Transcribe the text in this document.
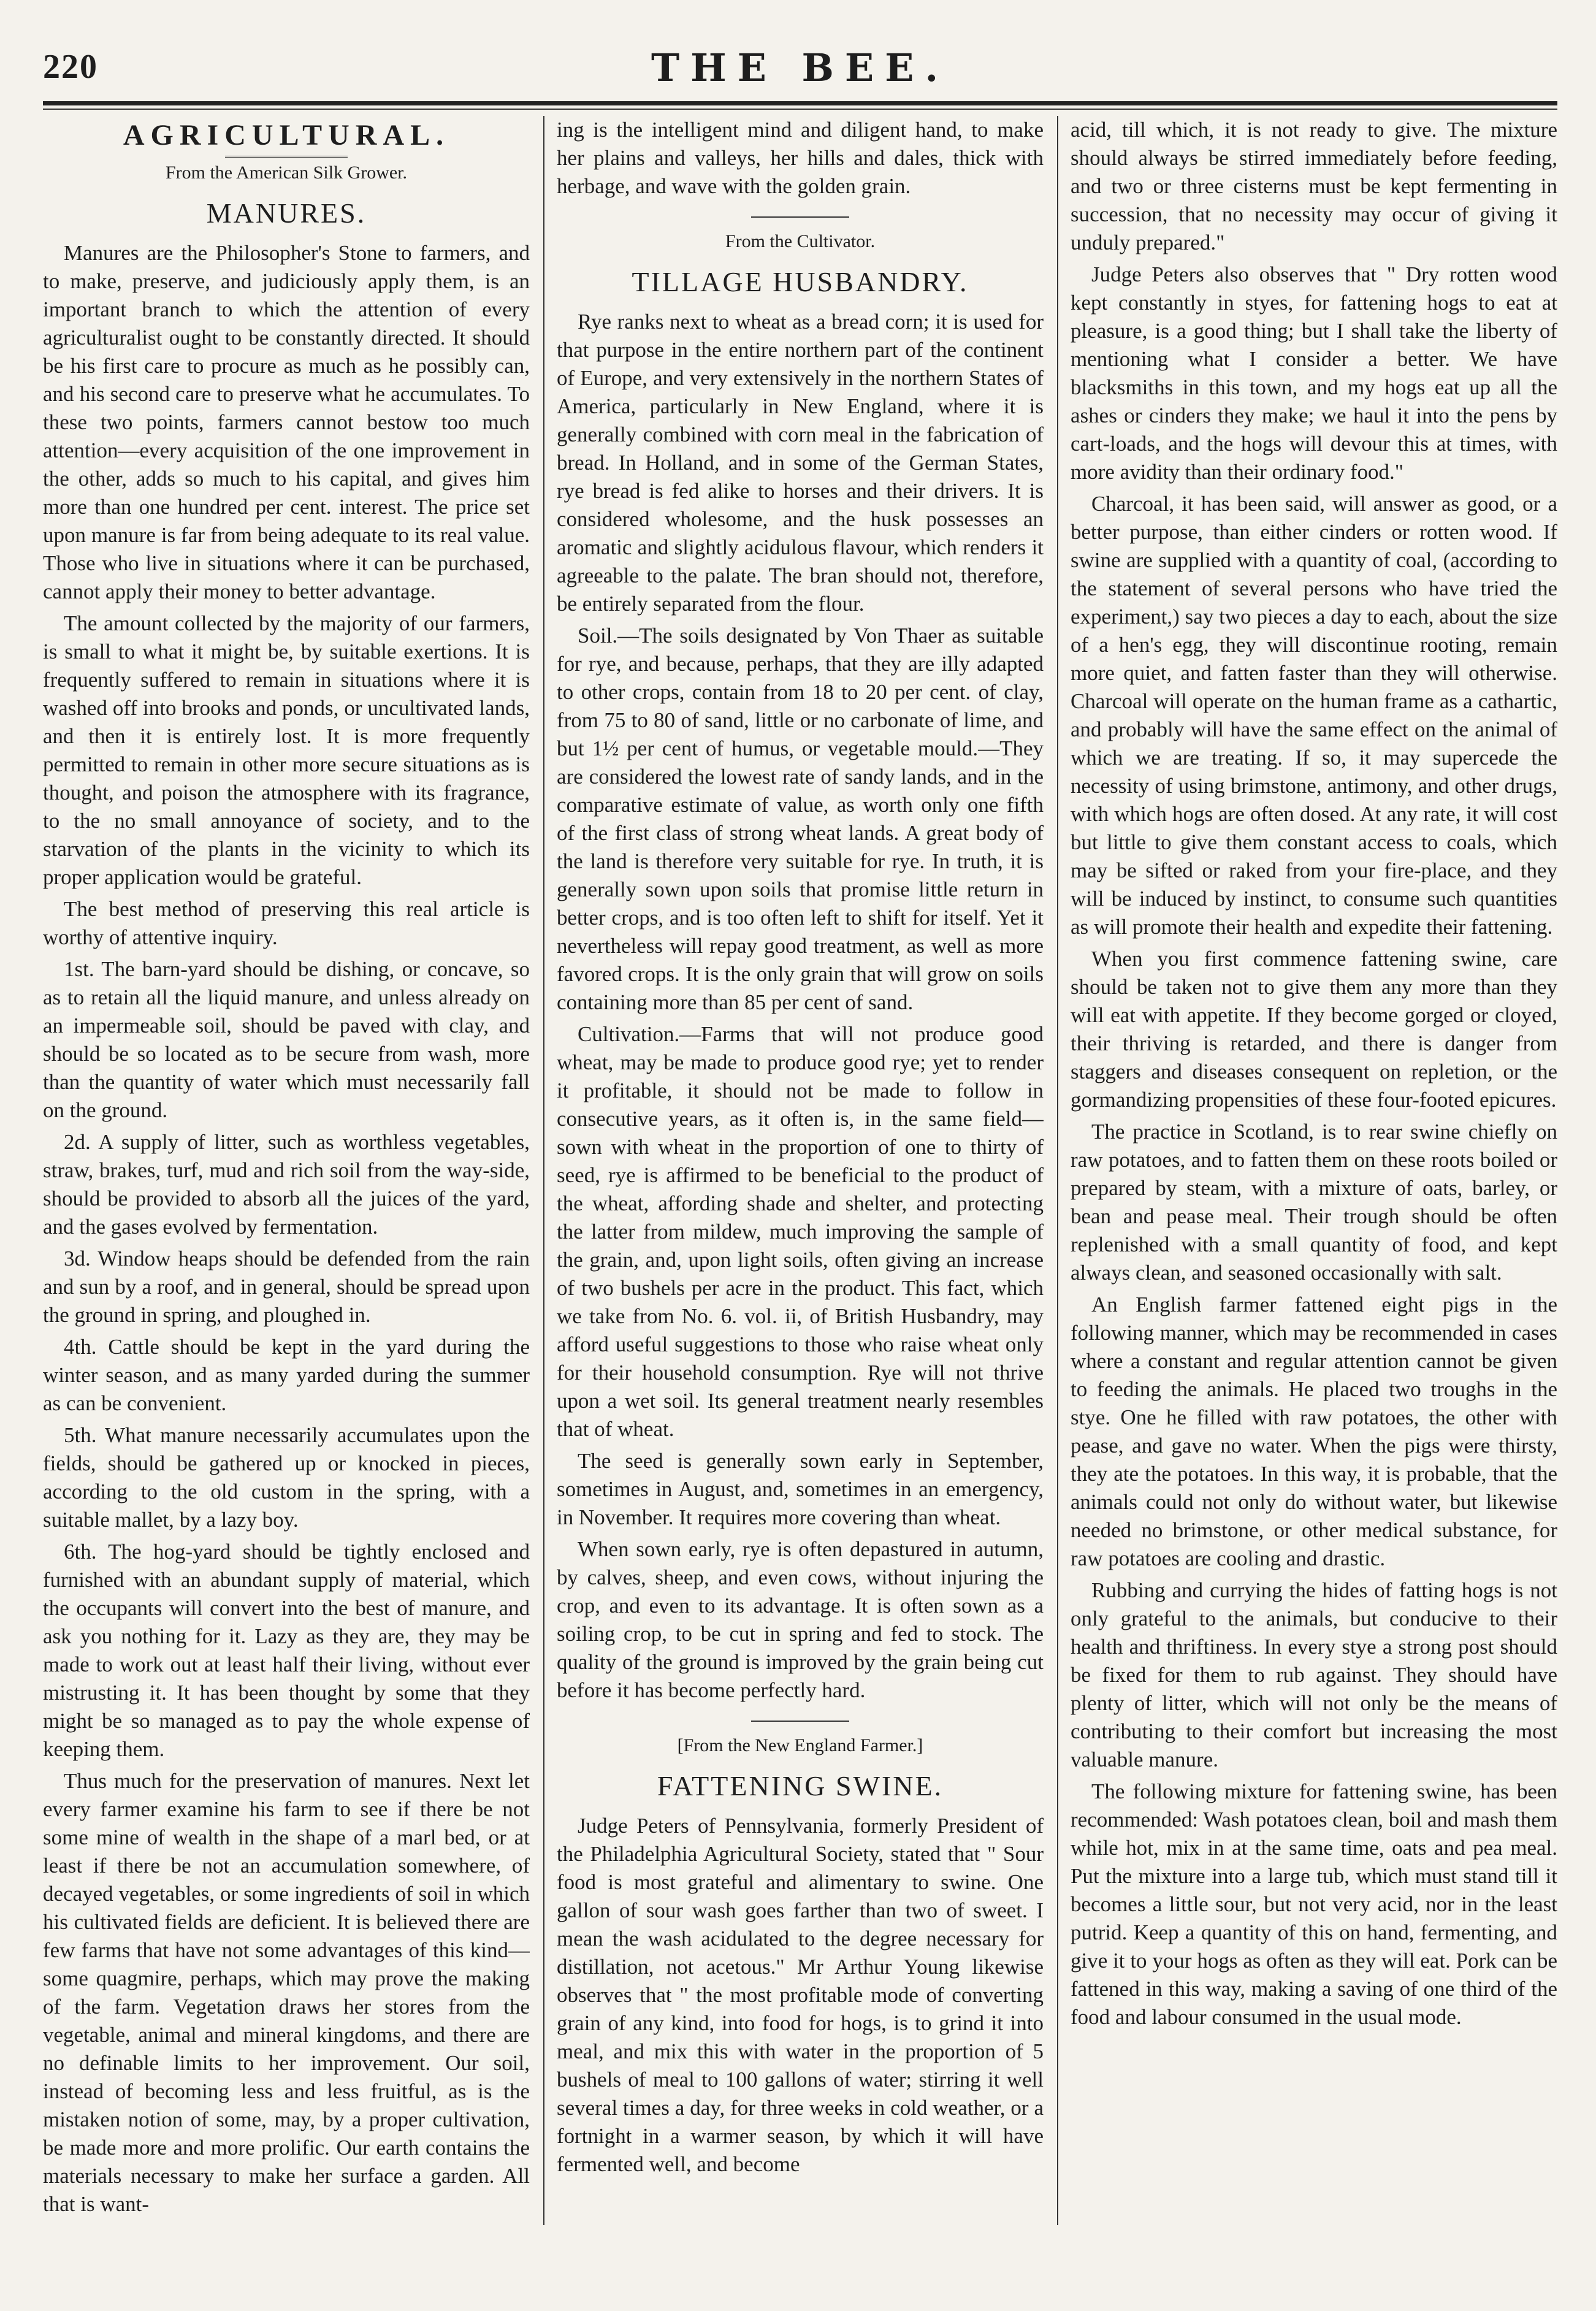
220	THE BEE.
AGRICULTURAL.
From the American Silk Grower.
MANURES.

Manures are the Philosopher's Stone to farmers, and to make, preserve, and judiciously apply them, is an important branch to which the attention of every agriculturalist ought to be constantly directed. It should be his first care to procure as much as he possibly can, and his second care to preserve what he accumulates. To these two points, farmers cannot bestow too much attention—every acquisition of the one improvement in the other, adds so much to his capital, and gives him more than one hundred per cent. interest. The price set upon manure is far from being adequate to its real value. Those who live in situations where it can be purchased, cannot apply their money to better advantage.

The amount collected by the majority of our farmers, is small to what it might be, by suitable exertions. It is frequently suffered to remain in situations where it is washed off into brooks and ponds, or uncultivated lands, and then it is entirely lost. It is more frequently permitted to remain in other more secure situations as is thought, and poison the atmosphere with its fragrance, to the no small annoyance of society, and to the starvation of the plants in the vicinity to which its proper application would be grateful.

The best method of preserving this real article is worthy of attentive inquiry.

1st. The barn-yard should be dishing, or concave, so as to retain all the liquid manure, and unless already on an impermeable soil, should be paved with clay, and should be so located as to be secure from wash, more than the quantity of water which must necessarily fall on the ground.

2d. A supply of litter, such as worthless vegetables, straw, brakes, turf, mud and rich soil from the way-side, should be provided to absorb all the juices of the yard, and the gases evolved by fermentation.

3d. Window heaps should be defended from the rain and sun by a roof, and in general, should be spread upon the ground in spring, and ploughed in.

4th. Cattle should be kept in the yard during the winter season, and as many yarded during the summer as can be convenient.

5th. What manure necessarily accumulates upon the fields, should be gathered up or knocked in pieces, according to the old custom in the spring, with a suitable mallet, by a lazy boy.

6th. The hog-yard should be tightly enclosed and furnished with an abundant supply of material, which the occupants will convert into the best of manure, and ask you nothing for it. Lazy as they are, they may be made to work out at least half their living, without ever mistrusting it. It has been thought by some that they might be so managed as to pay the whole expense of keeping them.

Thus much for the preservation of manures. Next let every farmer examine his farm to see if there be not some mine of wealth in the shape of a marl bed, or at least if there be not an accumulation somewhere, of decayed vegetables, or some ingredients of soil in which his cultivated fields are deficient. It is believed there are few farms that have not some advantages of this kind—some quagmire, perhaps, which may prove the making of the farm. Vegetation draws her stores from the vegetable, animal and mineral kingdoms, and there are no definable limits to her improvement. Our soil, instead of becoming less and less fruitful, as is the mistaken notion of some, may, by a proper cultivation, be made more and more prolific. Our earth contains the materials necessary to make her surface a garden. All that is want-

ing is the intelligent mind and diligent hand, to make her plains and valleys, her hills and dales, thick with herbage, and wave with the golden grain.

From the Cultivator.
TILLAGE HUSBANDRY.

Rye ranks next to wheat as a bread corn; it is used for that purpose in the entire northern part of the continent of Europe, and very extensively in the northern States of America, particularly in New England, where it is generally combined with corn meal in the fabrication of bread. In Holland, and in some of the German States, rye bread is fed alike to horses and their drivers. It is considered wholesome, and the husk possesses an aromatic and slightly acidulous flavour, which renders it agreeable to the palate. The bran should not, therefore, be entirely separated from the flour.

Soil.—The soils designated by Von Thaer as suitable for rye, and because, perhaps, that they are illy adapted to other crops, contain from 18 to 20 per cent. of clay, from 75 to 80 of sand, little or no carbonate of lime, and but 1½ per cent of humus, or vegetable mould.—They are considered the lowest rate of sandy lands, and in the comparative estimate of value, as worth only one fifth of the first class of strong wheat lands. A great body of the land is therefore very suitable for rye. In truth, it is generally sown upon soils that promise little return in better crops, and is too often left to shift for itself. Yet it nevertheless will repay good treatment, as well as more favored crops. It is the only grain that will grow on soils containing more than 85 per cent of sand.

Cultivation.—Farms that will not produce good wheat, may be made to produce good rye; yet to render it profitable, it should not be made to follow in consecutive years, as it often is, in the same field—sown with wheat in the proportion of one to thirty of seed, rye is affirmed to be beneficial to the product of the wheat, affording shade and shelter, and protecting the latter from mildew, much improving the sample of the grain, and, upon light soils, often giving an increase of two bushels per acre in the product. This fact, which we take from No. 6. vol. ii, of British Husbandry, may afford useful suggestions to those who raise wheat only for their household consumption. Rye will not thrive upon a wet soil. Its general treatment nearly resembles that of wheat.

The seed is generally sown early in September, sometimes in August, and, sometimes in an emergency, in November. It requires more covering than wheat.

When sown early, rye is often depastured in autumn, by calves, sheep, and even cows, without injuring the crop, and even to its advantage. It is often sown as a soiling crop, to be cut in spring and fed to stock. The quality of the ground is improved by the grain being cut before it has become perfectly hard.

[From the New England Farmer.]
FATTENING SWINE.

Judge Peters of Pennsylvania, formerly President of the Philadelphia Agricultural Society, stated that " Sour food is most grateful and alimentary to swine. One gallon of sour wash goes farther than two of sweet. I mean the wash acidulated to the degree necessary for distillation, not acetous." Mr Arthur Young likewise observes that " the most profitable mode of converting grain of any kind, into food for hogs, is to grind it into meal, and mix this with water in the proportion of 5 bushels of meal to 100 gallons of water; stirring it well several times a day, for three weeks in cold weather, or a fortnight in a warmer season, by which it will have fermented well, and become

acid, till which, it is not ready to give. The mixture should always be stirred immediately before feeding, and two or three cisterns must be kept fermenting in succession, that no necessity may occur of giving it unduly prepared."

Judge Peters also observes that " Dry rotten wood kept constantly in styes, for fattening hogs to eat at pleasure, is a good thing; but I shall take the liberty of mentioning what I consider a better. We have blacksmiths in this town, and my hogs eat up all the ashes or cinders they make; we haul it into the pens by cart-loads, and the hogs will devour this at times, with more avidity than their ordinary food."

Charcoal, it has been said, will answer as good, or a better purpose, than either cinders or rotten wood. If swine are supplied with a quantity of coal, (according to the statement of several persons who have tried the experiment,) say two pieces a day to each, about the size of a hen's egg, they will discontinue rooting, remain more quiet, and fatten faster than they will otherwise. Charcoal will operate on the human frame as a cathartic, and probably will have the same effect on the animal of which we are treating. If so, it may supercede the necessity of using brimstone, antimony, and other drugs, with which hogs are often dosed. At any rate, it will cost but little to give them constant access to coals, which may be sifted or raked from your fire-place, and they will be induced by instinct, to consume such quantities as will promote their health and expedite their fattening.

When you first commence fattening swine, care should be taken not to give them any more than they will eat with appetite. If they become gorged or cloyed, their thriving is retarded, and there is danger from staggers and diseases consequent on repletion, or the gormandizing propensities of these four-footed epicures.

The practice in Scotland, is to rear swine chiefly on raw potatoes, and to fatten them on these roots boiled or prepared by steam, with a mixture of oats, barley, or bean and pease meal. Their trough should be often replenished with a small quantity of food, and kept always clean, and seasoned occasionally with salt.

An English farmer fattened eight pigs in the following manner, which may be recommended in cases where a constant and regular attention cannot be given to feeding the animals. He placed two troughs in the stye. One he filled with raw potatoes, the other with pease, and gave no water. When the pigs were thirsty, they ate the potatoes. In this way, it is probable, that the animals could not only do without water, but likewise needed no brimstone, or other medical substance, for raw potatoes are cooling and drastic.

Rubbing and currying the hides of fatting hogs is not only grateful to the animals, but conducive to their health and thriftiness. In every stye a strong post should be fixed for them to rub against. They should have plenty of litter, which will not only be the means of contributing to their comfort but increasing the most valuable manure.

The following mixture for fattening swine, has been recommended: Wash potatoes clean, boil and mash them while hot, mix in at the same time, oats and pea meal. Put the mixture into a large tub, which must stand till it becomes a little sour, but not very acid, nor in the least putrid. Keep a quantity of this on hand, fermenting, and give it to your hogs as often as they will eat. Pork can be fattened in this way, making a saving of one third of the food and labour consumed in the usual mode.
